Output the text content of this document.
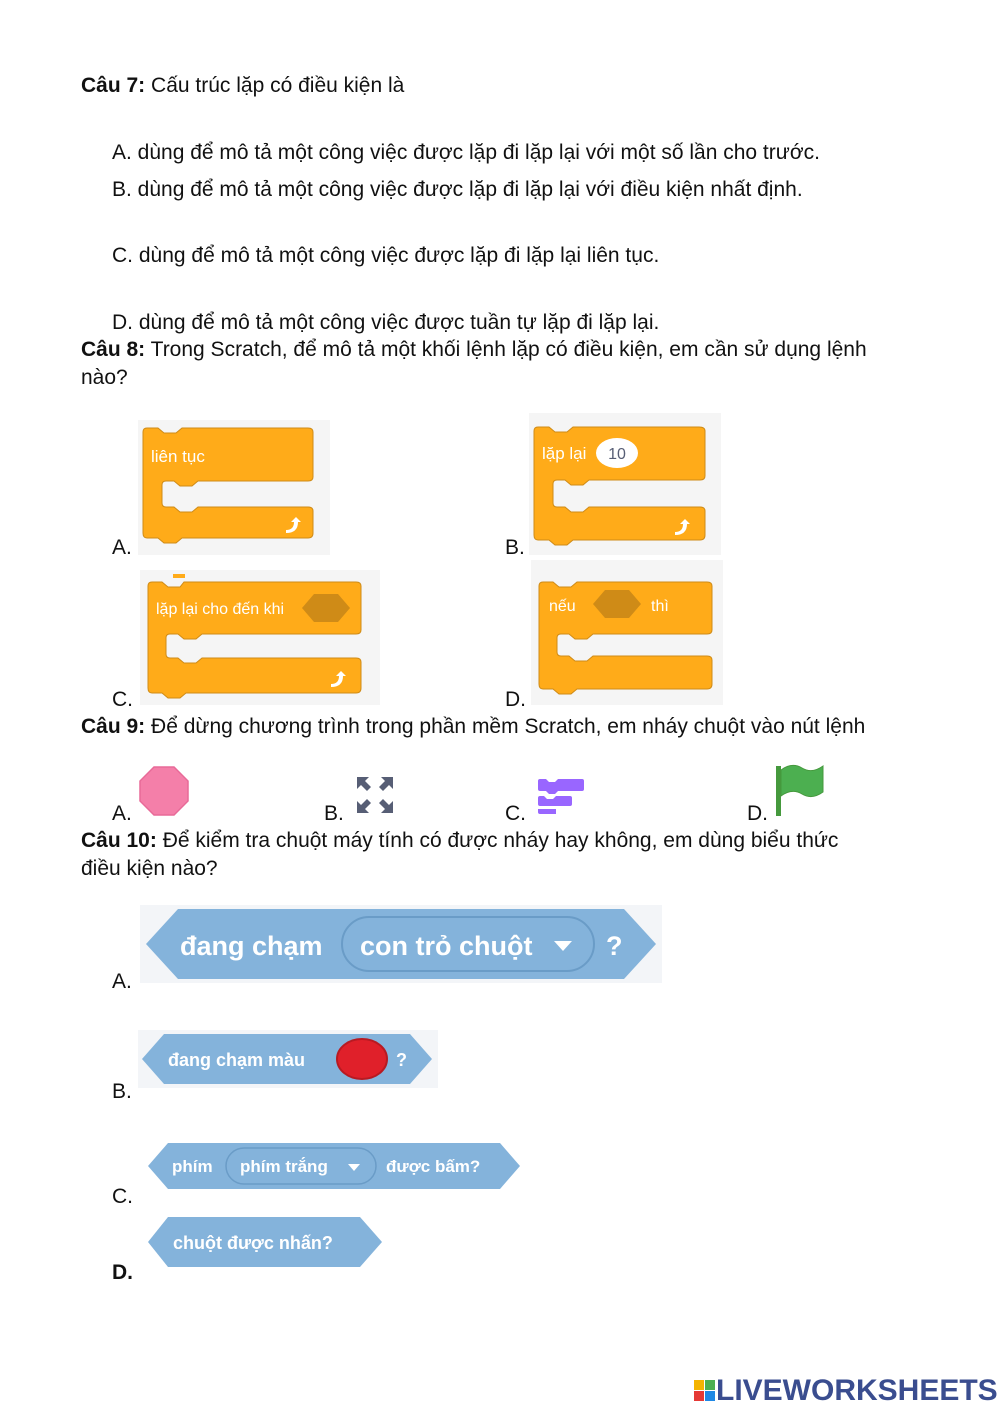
Câu 7: Cấu trúc lặp có điều kiện là
A. dùng để mô tả một công việc được lặp đi lặp lại với một số lần cho trước.
B. dùng để mô tả một công việc được lặp đi lặp lại với điều kiện nhất định.
C. dùng để mô tả một công việc được lặp đi lặp lại liên tục.
D. dùng để mô tả một công việc được tuần tự lặp đi lặp lại.
Câu 8: Trong Scratch, để mô tả một khối lệnh lặp có điều kiện, em cần sử dụng lệnh
nào?
A.	B.
C.	D.
liên tục	lặp lại 10
lặp lại cho đến khi	nếu	thì
Câu 9: Để dừng chương trình trong phần mềm Scratch, em nháy chuột vào nút lệnh
A.	B.	C.	D.
Câu 10: Để kiểm tra chuột máy tính có được nháy hay không, em dùng biểu thức
điều kiện nào?
A.
B.
C.
D.
đang chạm con trỏ chuột	?
đang chạm màu	?
phím phím trắng	được bấm?
chuột được nhấn?
LIVEWORKSHEETS
